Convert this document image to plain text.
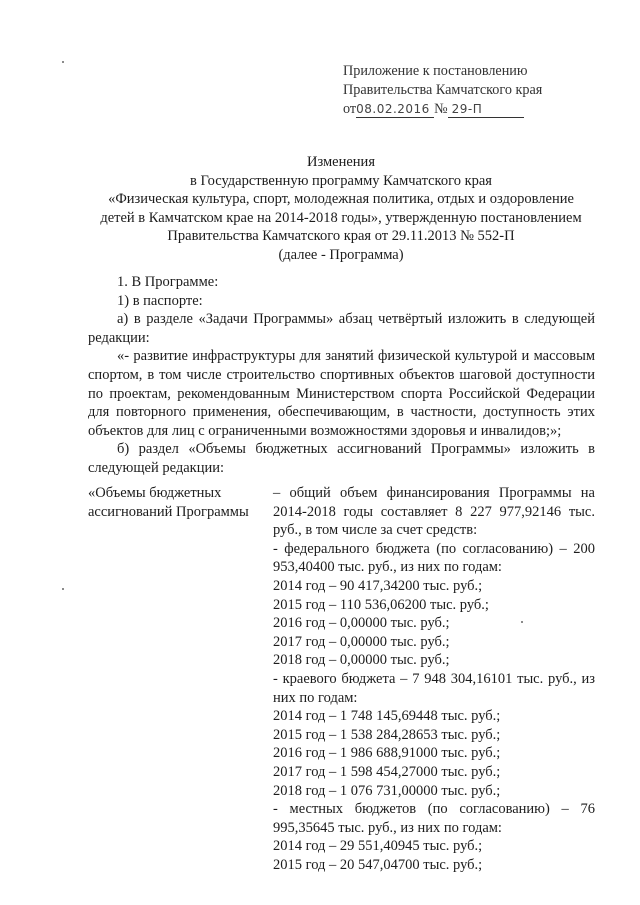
Приложение к постановлению
Правительства Камчатского края
от08.02.2016 № 29-П
Изменения
в Государственную программу Камчатского края
«Физическая культура, спорт, молодежная политика, отдых и оздоровление
детей в Камчатском крае на 2014-2018 годы», утвержденную постановлением
Правительства Камчатского края от 29.11.2013 № 552-П
(далее - Программа)

1. В Программе:

1) в паспорте:

а) в разделе «Задачи Программы» абзац четвёртый изложить в следующей редакции:

«- развитие инфраструктуры для занятий физической культурой и массовым спортом, в том числе строительство спортивных объектов шаговой доступности по проектам, рекомендованным Министерством спорта Российской Федерации для повторного применения, обеспечивающим, в частности, доступность этих объектов для лиц с ограниченными возможностями здоровья и инвалидов;»;

б) раздел «Объемы бюджетных ассигнований Программы» изложить в следующей редакции:

«Объемы бюджетных ассигнований Программы

– общий объем финансирования Программы на 2014-2018 годы составляет 8 227 977,92146 тыс. руб., в том числе за счет средств:

- федерального бюджета (по согласованию) – 200 953,40400 тыс. руб., из них по годам:

2014 год – 90 417,34200 тыс. руб.;

2015 год – 110 536,06200 тыс. руб.;

2016 год – 0,00000 тыс. руб.;

2017 год – 0,00000 тыс. руб.;

2018 год – 0,00000 тыс. руб.;

- краевого бюджета – 7 948 304,16101 тыс. руб., из них по годам:

2014 год – 1 748 145,69448 тыс. руб.;

2015 год – 1 538 284,28653 тыс. руб.;

2016 год – 1 986 688,91000 тыс. руб.;

2017 год – 1 598 454,27000 тыс. руб.;

2018 год – 1 076 731,00000 тыс. руб.;

- местных бюджетов (по согласованию) – 76 995,35645 тыс. руб., из них по годам:

2014 год – 29 551,40945 тыс. руб.;

2015 год – 20 547,04700 тыс. руб.;
